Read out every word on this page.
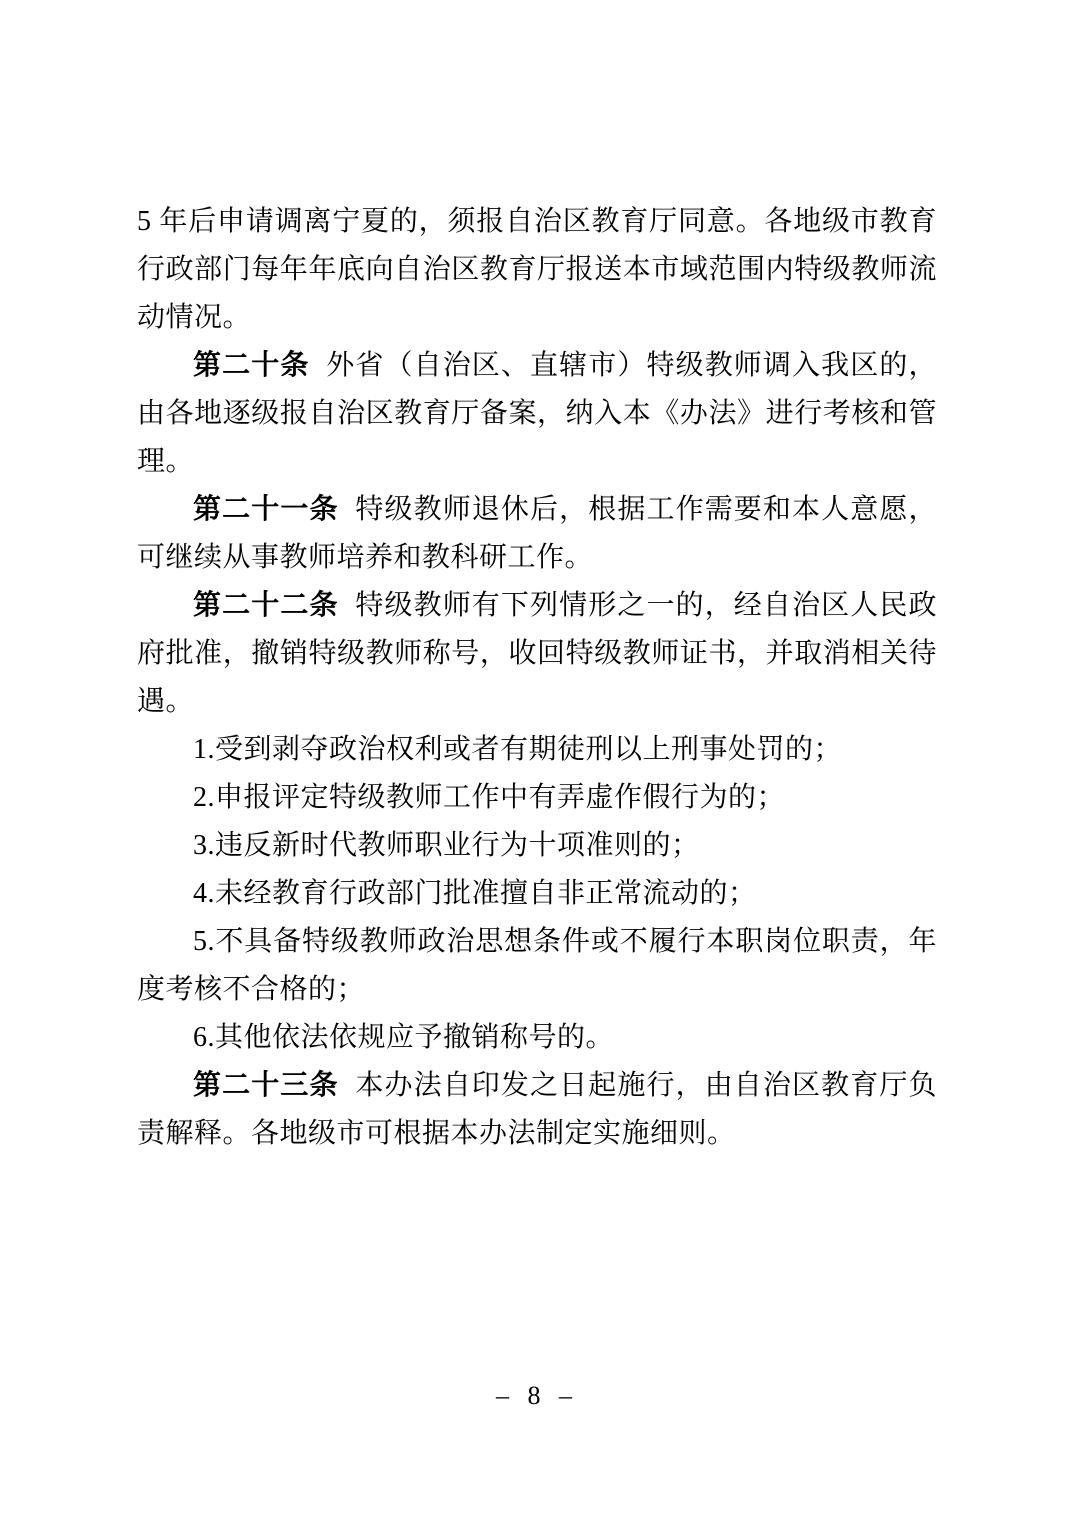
5 年后申请调离宁夏的，须报自治区教育厅同意。各地级市教育行政部门每年年底向自治区教育厅报送本市域范围内特级教师流动情况。

第二十条 外省（自治区、直辖市）特级教师调入我区的，由各地逐级报自治区教育厅备案，纳入本《办法》进行考核和管理。

第二十一条 特级教师退休后，根据工作需要和本人意愿，可继续从事教师培养和教科研工作。

第二十二条 特级教师有下列情形之一的，经自治区人民政府批准，撤销特级教师称号，收回特级教师证书，并取消相关待遇。

1.受到剥夺政治权利或者有期徒刑以上刑事处罚的；

2.申报评定特级教师工作中有弄虚作假行为的；

3.违反新时代教师职业行为十项准则的；

4.未经教育行政部门批准擅自非正常流动的；

5.不具备特级教师政治思想条件或不履行本职岗位职责，年度考核不合格的；

6.其他依法依规应予撤销称号的。

第二十三条 本办法自印发之日起施行，由自治区教育厅负责解释。各地级市可根据本办法制定实施细则。

– 8 –
